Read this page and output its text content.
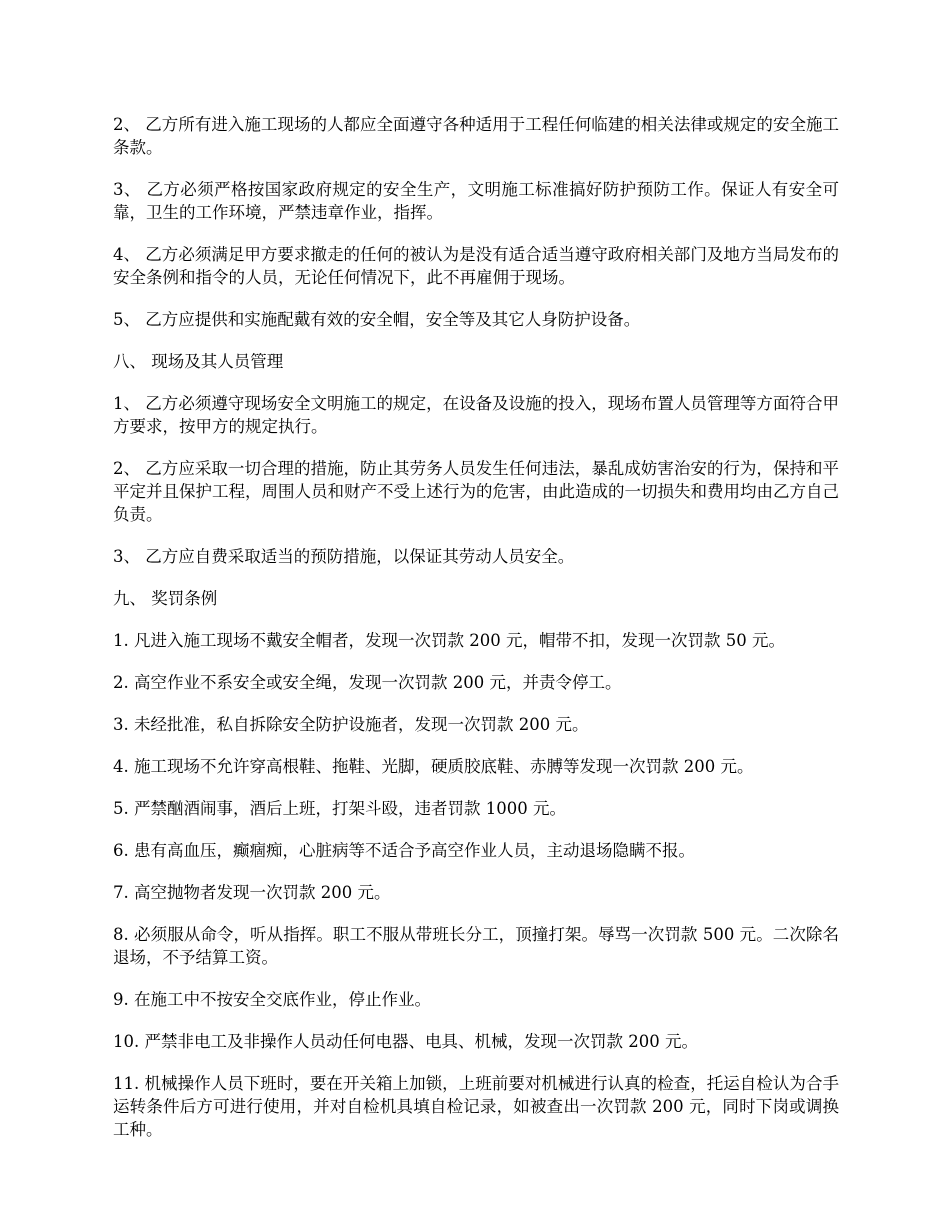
2、 乙方所有进入施工现场的人都应全面遵守各种适用于工程任何临建的相关法律或规定的安全施工条款。

3、 乙方必须严格按国家政府规定的安全生产，文明施工标准搞好防护预防工作。保证人有安全可靠，卫生的工作环境，严禁违章作业，指挥。

4、 乙方必须满足甲方要求撤走的任何的被认为是没有适合适当遵守政府相关部门及地方当局发布的安全条例和指令的人员，无论任何情况下，此不再雇佣于现场。

5、 乙方应提供和实施配戴有效的安全帽，安全等及其它人身防护设备。

八、 现场及其人员管理

1、 乙方必须遵守现场安全文明施工的规定，在设备及设施的投入，现场布置人员管理等方面符合甲方要求，按甲方的规定执行。

2、 乙方应采取一切合理的措施，防止其劳务人员发生任何违法，暴乱成妨害治安的行为，保持和平平定并且保护工程，周围人员和财产不受上述行为的危害，由此造成的一切损失和费用均由乙方自己负责。

3、 乙方应自费采取适当的预防措施，以保证其劳动人员安全。

九、 奖罚条例

1. 凡进入施工现场不戴安全帽者，发现一次罚款 200 元，帽带不扣，发现一次罚款 50 元。

2. 高空作业不系安全或安全绳，发现一次罚款 200 元，并责令停工。

3. 未经批准，私自拆除安全防护设施者，发现一次罚款 200 元。

4. 施工现场不允许穿高根鞋、拖鞋、光脚，硬质胶底鞋、赤膊等发现一次罚款 200 元。

5. 严禁酗酒闹事，酒后上班，打架斗殴，违者罚款 1000 元。

6. 患有高血压，癫痼痴，心脏病等不适合予高空作业人员，主动退场隐瞒不报。

7. 高空抛物者发现一次罚款 200 元。

8. 必须服从命令，听从指挥。职工不服从带班长分工，顶撞打架。辱骂一次罚款 500 元。二次除名退场，不予结算工资。

9. 在施工中不按安全交底作业，停止作业。

10. 严禁非电工及非操作人员动任何电器、电具、机械，发现一次罚款 200 元。

11. 机械操作人员下班时，要在开关箱上加锁，上班前要对机械进行认真的检查，托运自检认为合手运转条件后方可进行使用，并对自检机具填自检记录，如被查出一次罚款 200 元，同时下岗或调换工种。
